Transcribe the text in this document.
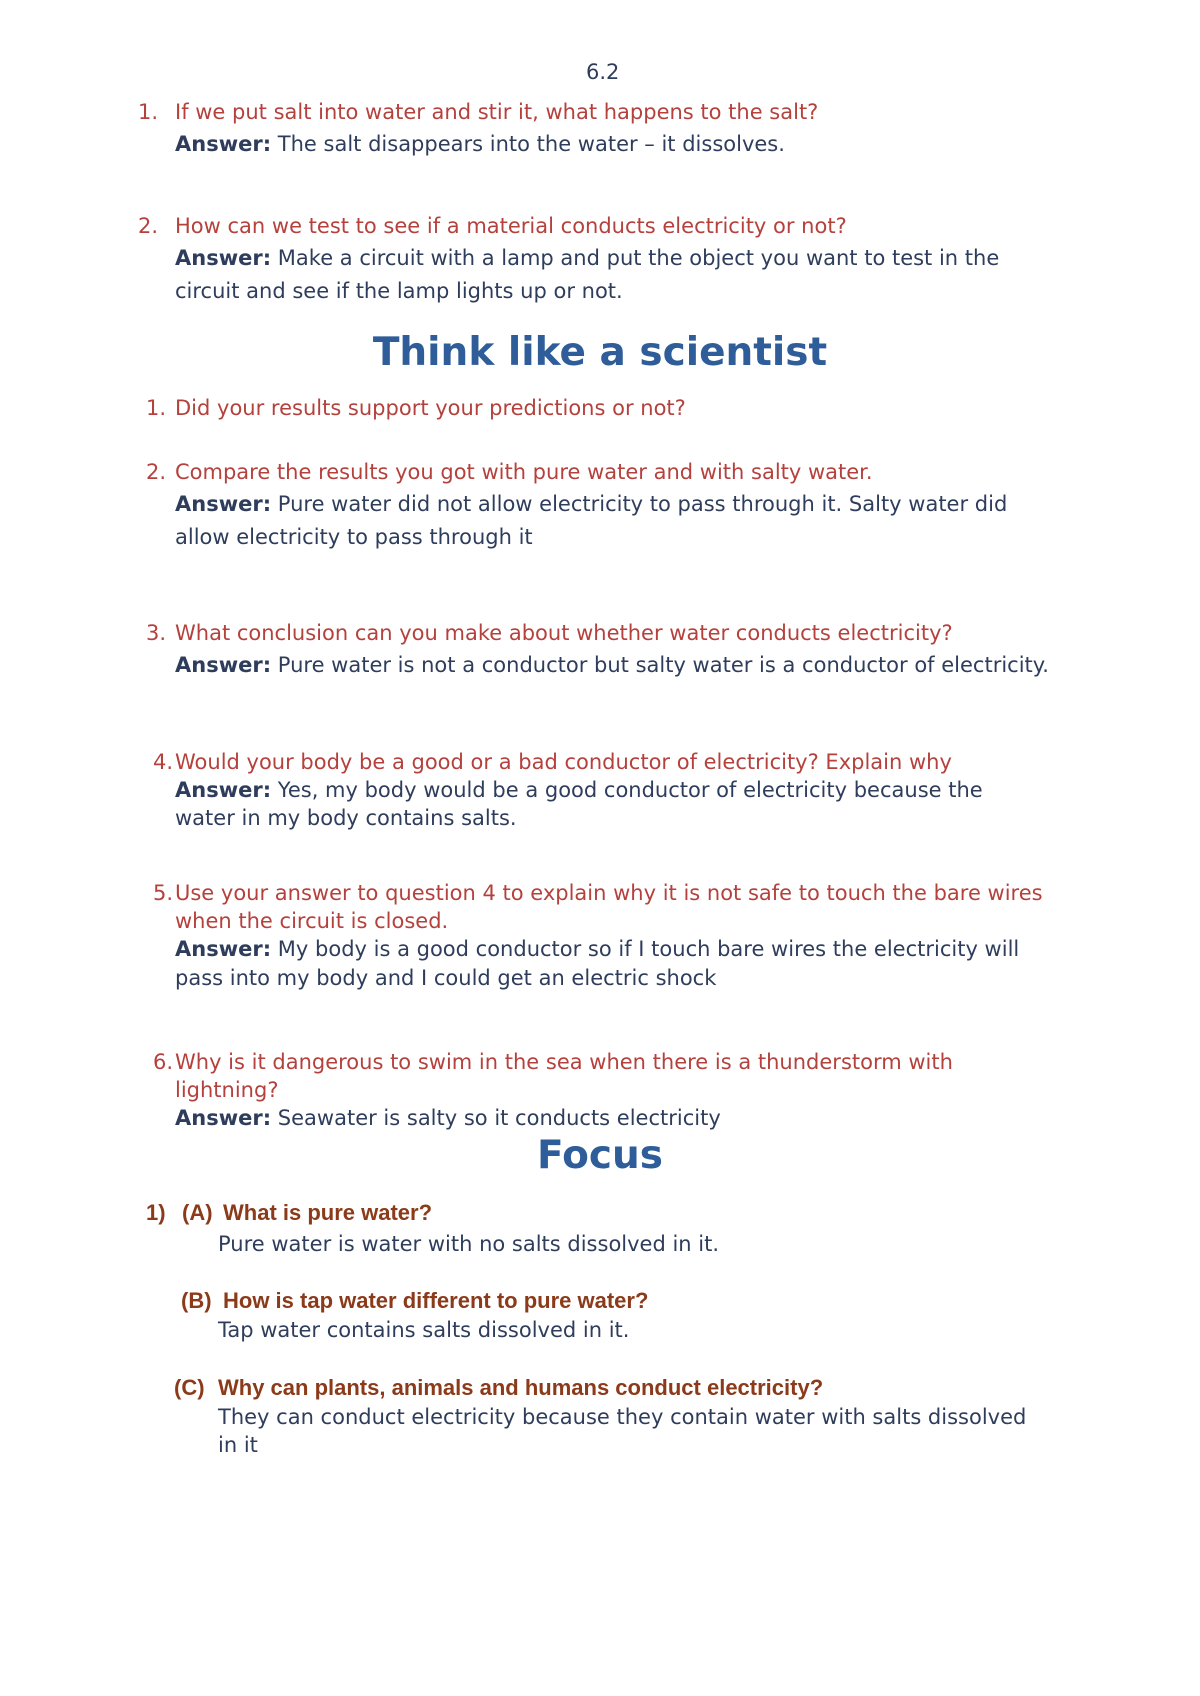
6.2
1. If we put salt into water and stir it, what happens to the salt?
Answer: The salt disappears into the water – it dissolves.
2. How can we test to see if a material conducts electricity or not?
Answer: Make a circuit with a lamp and put the object you want to test in the
circuit and see if the lamp lights up or not.
Think like a scientist
1. Did your results support your predictions or not?
2. Compare the results you got with pure water and with salty water.
Answer: Pure water did not allow electricity to pass through it. Salty water did
allow electricity to pass through it
3. What conclusion can you make about whether water conducts electricity?
Answer: Pure water is not a conductor but salty water is a conductor of electricity.
4. Would your body be a good or a bad conductor of electricity? Explain why
Answer: Yes, my body would be a good conductor of electricity because the
water in my body contains salts.
5. Use your answer to question 4 to explain why it is not safe to touch the bare wires
when the circuit is closed.
Answer: My body is a good conductor so if I touch bare wires the electricity will
pass into my body and I could get an electric shock
6. Why is it dangerous to swim in the sea when there is a thunderstorm with
lightning?
Answer: Seawater is salty so it conducts electricity
Focus
1) (A) What is pure water?
Pure water is water with no salts dissolved in it.
(B) How is tap water different to pure water?
Tap water contains salts dissolved in it.
(C) Why can plants, animals and humans conduct electricity?
They can conduct electricity because they contain water with salts dissolved
in it
